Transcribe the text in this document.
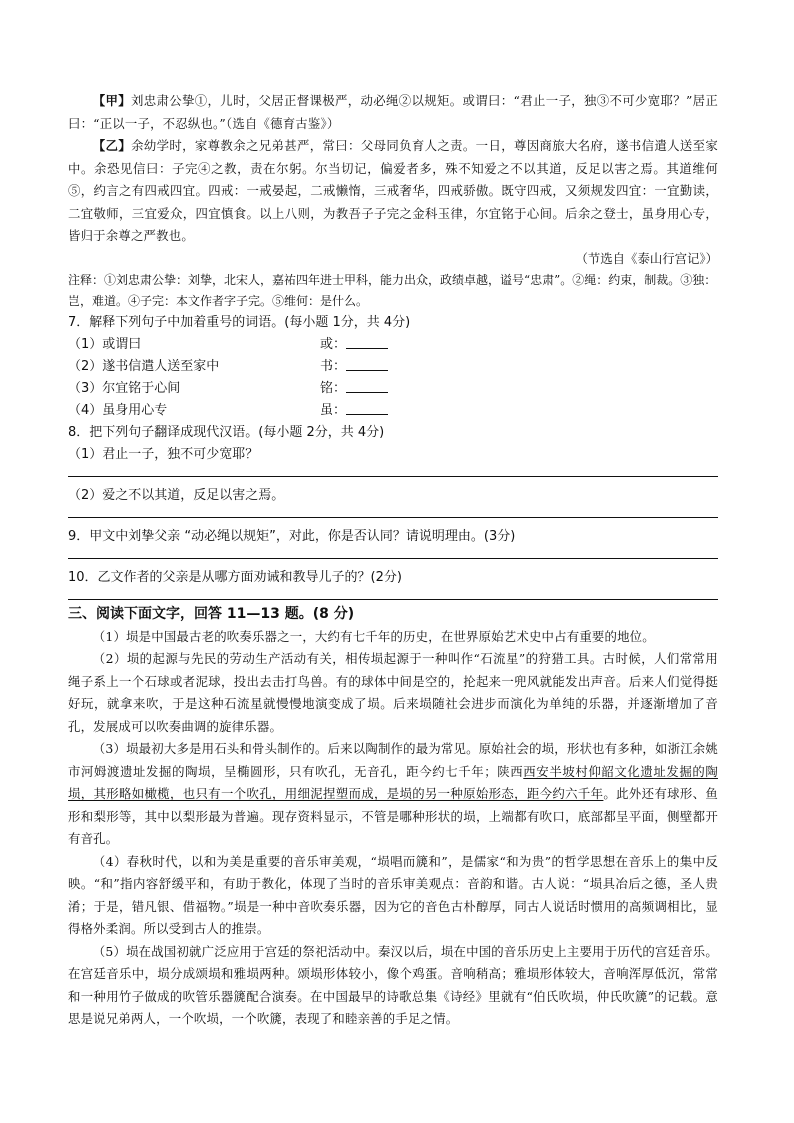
【甲】刘忠肃公挚①，儿时，父居正督课极严，动必绳②以规矩。或谓曰：“君止一子，独③不可少宽耶？”居正曰：“正以一子，不忍纵也。”（选自《德育古鉴》）

【乙】余幼学时，家尊教余之兄弟甚严，常曰：父母同负育人之责。一日，尊因商旅大名府，遂书信遣人送至家中。余恐见信曰：子完④之教，责在尔躬。尔当切记，偏爱者多，殊不知爱之不以其道，反足以害之焉。其道维何⑤，约言之有四戒四宜。四戒：一戒晏起，二戒懒惰，三戒奢华，四戒骄傲。既守四戒，又须规发四宜：一宜勤读，二宜敬师，三宜爱众，四宜慎食。以上八则，为教吾子子完之金科玉律，尔宜铭于心间。后余之登士，虽身用心专，皆归于余尊之严教也。

（节选自《泰山行宫记》）

注释：①刘忠肃公挚：刘挚，北宋人，嘉祐四年进士甲科，能力出众，政绩卓越，谥号“忠肃”。②绳：约束，制裁。③独：岂，难道。④子完：本文作者字子完。⑤维何：是什么。

7．解释下列句子中加着重号的词语。(每小题 1分，共 4分)

（1）或谓曰	或：
（2）遂书信遣人送至家中	书：
（3）尔宜铭于心间	铭：
（4）虽身用心专	虽：

8．把下列句子翻译成现代汉语。(每小题 2分，共 4分)

（1）君止一子，独不可少宽耶？

（2）爱之不以其道，反足以害之焉。

9．甲文中刘挚父亲 “动必绳以规矩”，对此，你是否认同？请说明理由。(3分)

10．乙文作者的父亲是从哪方面劝诫和教导儿子的？(2分)

三、阅读下面文字，回答 11—13 题。(8 分)

（1）埙是中国最古老的吹奏乐器之一，大约有七千年的历史，在世界原始艺术史中占有重要的地位。

（2）埙的起源与先民的劳动生产活动有关，相传埙起源于一种叫作“石流星”的狩猎工具。古时候，人们常常用绳子系上一个石球或者泥球，投出去击打鸟兽。有的球体中间是空的，抡起来一兜风就能发出声音。后来人们觉得挺好玩，就拿来吹，于是这种石流星就慢慢地演变成了埙。后来埙随社会进步而演化为单纯的乐器，并逐渐增加了音孔，发展成可以吹奏曲调的旋律乐器。

（3）埙最初大多是用石头和骨头制作的。后来以陶制作的最为常见。原始社会的埙，形状也有多种，如浙江余姚市河姆渡遗址发掘的陶埙，呈椭圆形，只有吹孔，无音孔，距今约七千年；陕西西安半坡村仰韶文化遗址发掘的陶埙，其形略如橄榄，也只有一个吹孔，用细泥捏塑而成，是埙的另一种原始形态，距今约六千年。此外还有球形、鱼形和梨形等，其中以梨形最为普遍。现存资料显示，不管是哪种形状的埙，上端都有吹口，底部都呈平面，侧壁都开有音孔。

（4）春秋时代，以和为美是重要的音乐审美观，“埙唱而篪和”，是儒家“和为贵”的哲学思想在音乐上的集中反映。“和”指内容舒缓平和，有助于教化，体现了当时的音乐审美观点：音韵和谐。古人说：“埙具冶后之德，圣人贵淆；于是，错凡银、借福物。”埙是一种中音吹奏乐器，因为它的音色古朴醇厚，同古人说话时惯用的高频调相比，显得格外柔润。所以受到古人的推崇。

（5）埙在战国初就广泛应用于宫廷的祭祀活动中。秦汉以后，埙在中国的音乐历史上主要用于历代的宫廷音乐。在宫廷音乐中，埙分成颂埙和雅埙两种。颂埙形体较小，像个鸡蛋。音响稍高；雅埙形体较大，音响浑厚低沉，常常和一种用竹子做成的吹管乐器篪配合演奏。在中国最早的诗歌总集《诗经》里就有“伯氏吹埙，仲氏吹篪”的记载。意思是说兄弟两人，一个吹埙，一个吹篪，表现了和睦亲善的手足之情。
